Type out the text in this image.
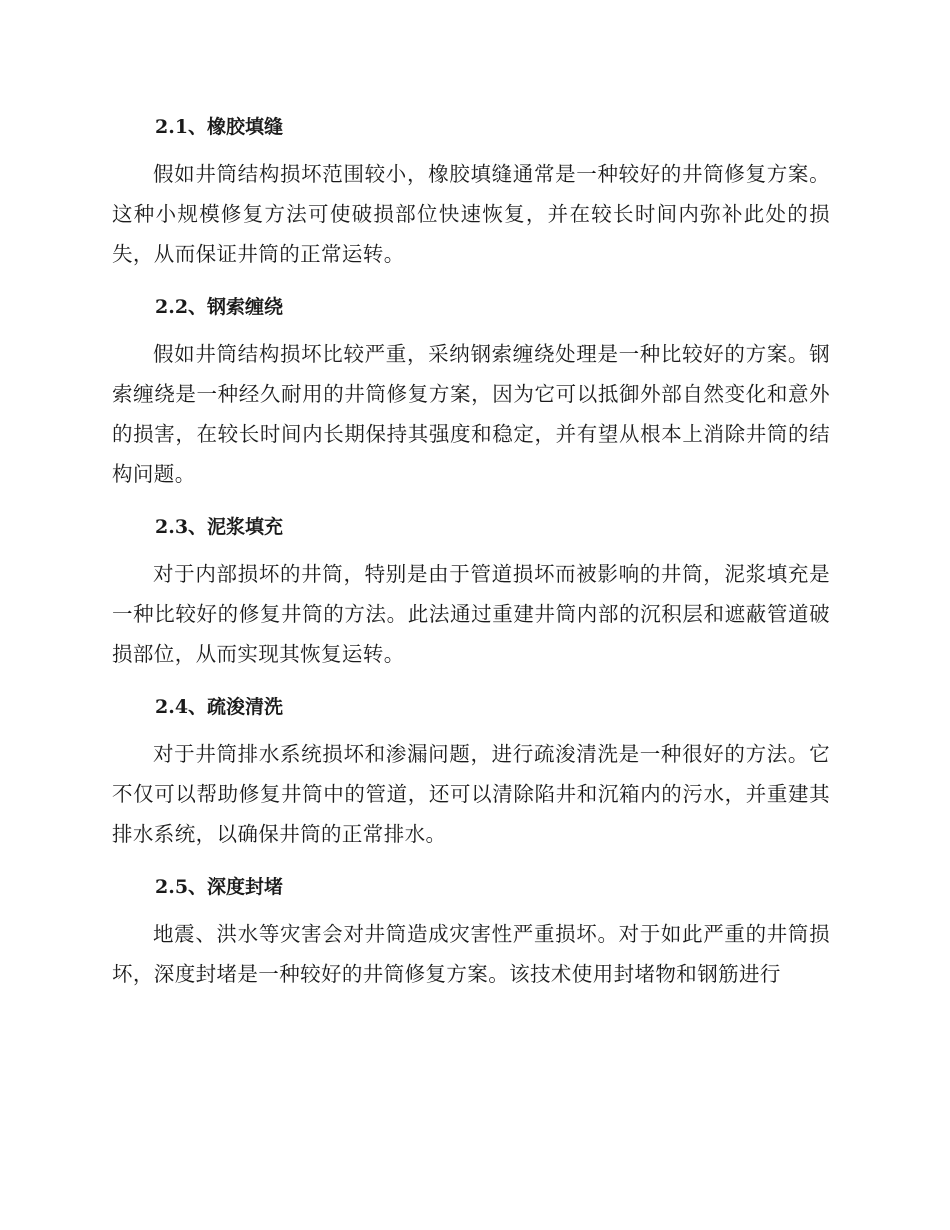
2.1、橡胶填缝

假如井筒结构损坏范围较小，橡胶填缝通常是一种较好的井筒修复方案。这种小规模修复方法可使破损部位快速恢复，并在较长时间内弥补此处的损失，从而保证井筒的正常运转。

2.2、钢索缠绕

假如井筒结构损坏比较严重，采纳钢索缠绕处理是一种比较好的方案。钢索缠绕是一种经久耐用的井筒修复方案，因为它可以抵御外部自然变化和意外的损害，在较长时间内长期保持其强度和稳定，并有望从根本上消除井筒的结构问题。

2.3、泥浆填充

对于内部损坏的井筒，特别是由于管道损坏而被影响的井筒，泥浆填充是一种比较好的修复井筒的方法。此法通过重建井筒内部的沉积层和遮蔽管道破损部位，从而实现其恢复运转。

2.4、疏浚清洗

对于井筒排水系统损坏和渗漏问题，进行疏浚清洗是一种很好的方法。它不仅可以帮助修复井筒中的管道，还可以清除陷井和沉箱内的污水，并重建其排水系统，以确保井筒的正常排水。

2.5、深度封堵

地震、洪水等灾害会对井筒造成灾害性严重损坏。对于如此严重的井筒损坏，深度封堵是一种较好的井筒修复方案。该技术使用封堵物和钢筋进行
